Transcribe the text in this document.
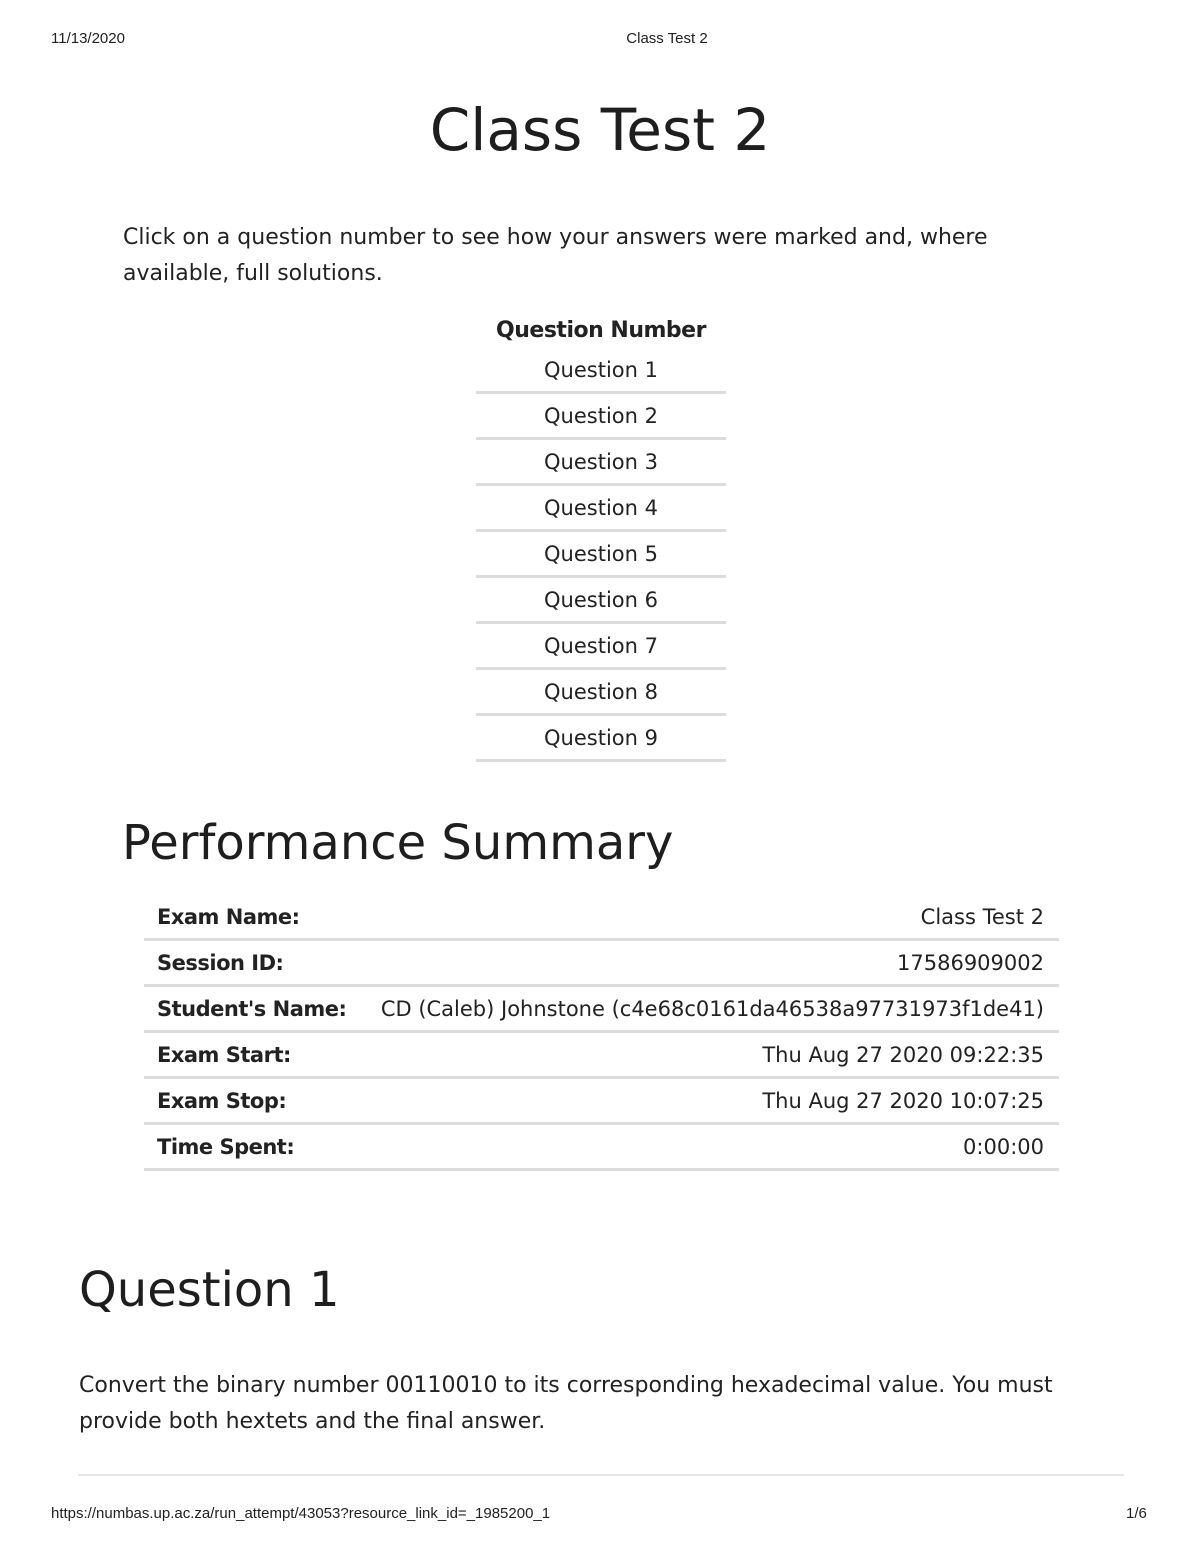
11/13/2020	Class Test 2
Class Test 2

Click on a question number to see how your answers were marked and, where available, full solutions.

Question Number
Question 1
Question 2
Question 3
Question 4
Question 5
Question 6
Question 7
Question 8
Question 9
Performance Summary
Exam Name:	Class Test 2
Session ID:	17586909002
Student's Name:	CD (Caleb) Johnstone (c4e68c0161da46538a97731973f1de41)
Exam Start:	Thu Aug 27 2020 09:22:35
Exam Stop:	Thu Aug 27 2020 10:07:25
Time Spent:	0:00:00
Question 1

Convert the binary number 00110010 to its corresponding hexadecimal value. You must provide both hextets and the final answer.

https://numbas.up.ac.za/run_attempt/43053?resource_link_id=_1985200_1	1/6
